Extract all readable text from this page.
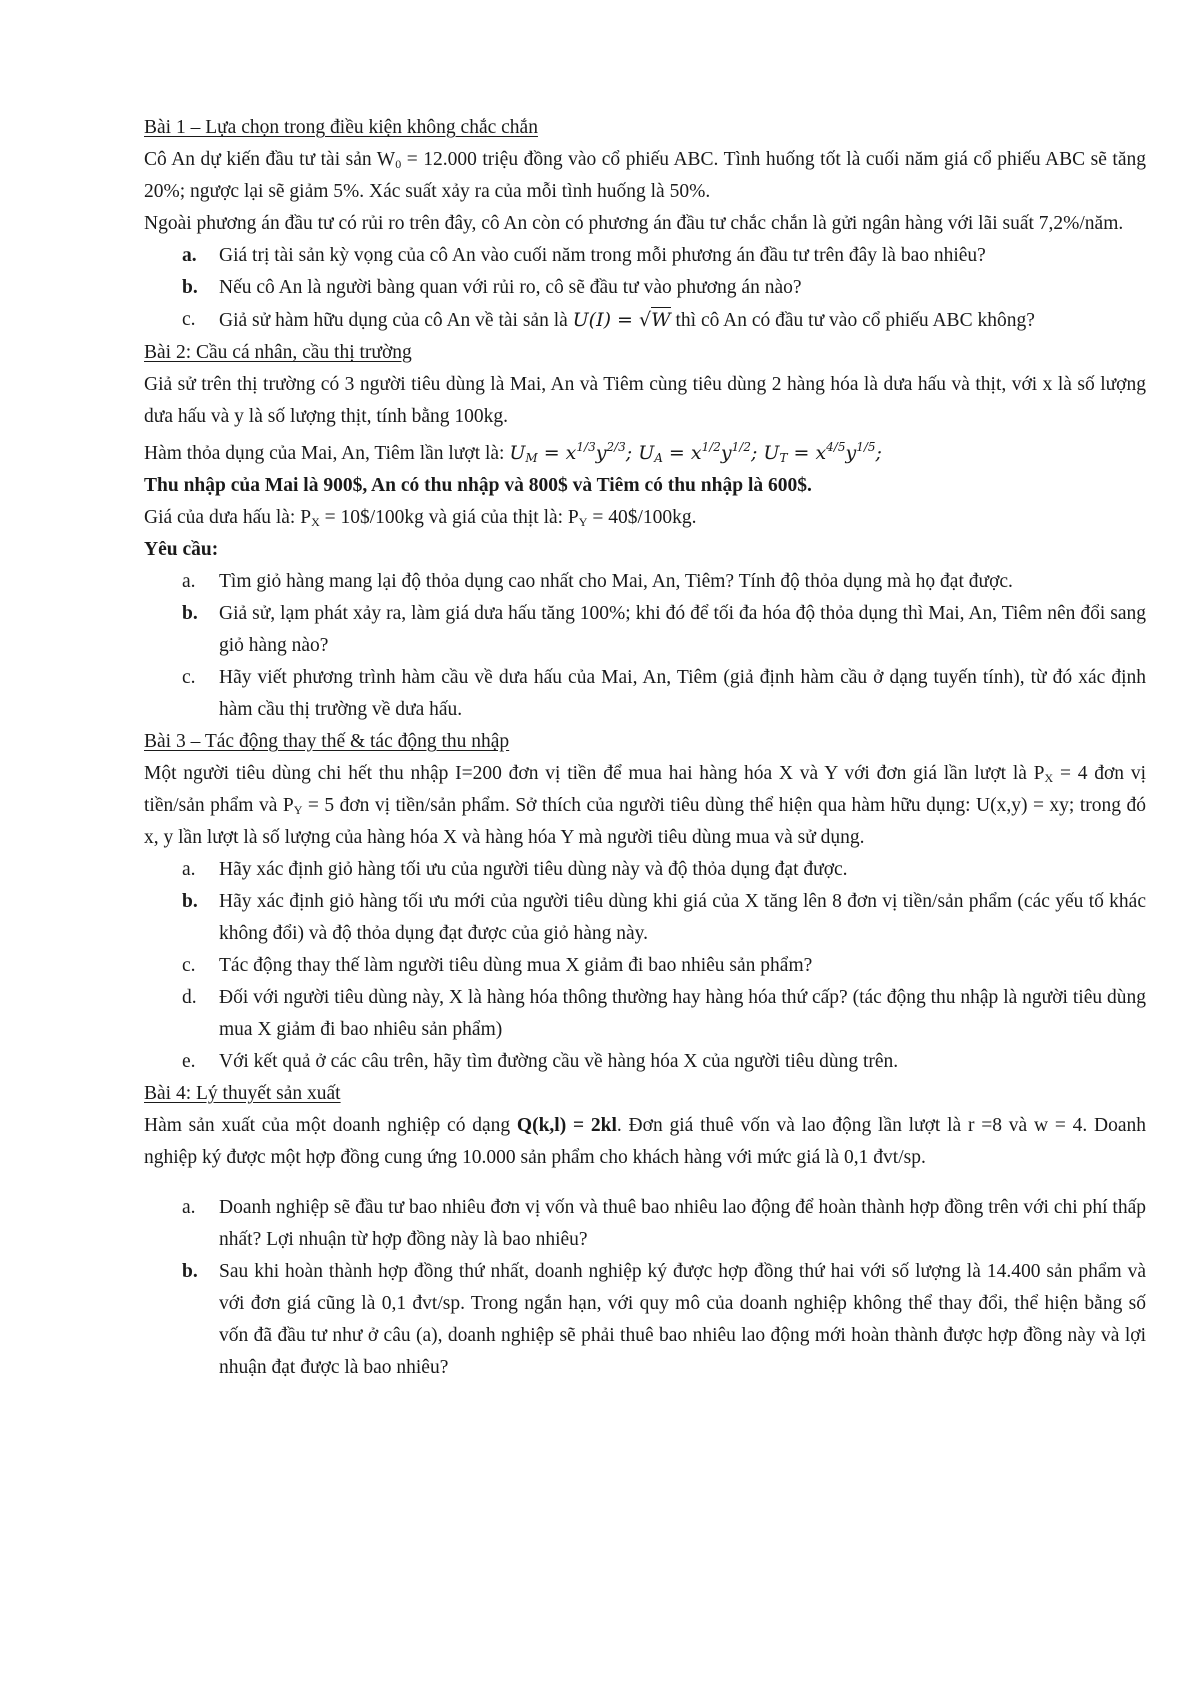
Bài 1 – Lựa chọn trong điều kiện không chắc chắn

Cô An dự kiến đầu tư tài sản $W_0 = 12.000$ triệu đồng vào cổ phiếu ABC. Tình huống tốt là cuối năm giá cổ phiếu ABC sẽ tăng 20%; ngược lại sẽ giảm 5%. Xác suất xảy ra của mỗi tình huống là 50%.

Ngoài phương án đầu tư có rủi ro trên đây, cô An còn có phương án đầu tư chắc chắn là gửi ngân hàng với lãi suất 7,2%/năm.

a. Giá trị tài sản kỳ vọng của cô An vào cuối năm trong mỗi phương án đầu tư trên đây là bao nhiêu?
b. Nếu cô An là người bàng quan với rủi ro, cô sẽ đầu tư vào phương án nào?
c. Giả sử hàm hữu dụng của cô An về tài sản là U(I) = √W thì cô An có đầu tư vào cổ phiếu ABC không?

Bài 2: Cầu cá nhân, cầu thị trường

Giả sử trên thị trường có 3 người tiêu dùng là Mai, An và Tiêm cùng tiêu dùng 2 hàng hóa là dưa hấu và thịt, với x là số lượng dưa hấu và y là số lượng thịt, tính bằng 100kg.

Hàm thỏa dụng của Mai, An, Tiêm lần lượt là: $U_M = x^{1/3}y^{2/3}$; $U_A = x^{1/2}y^{1/2}$; $U_T = x^{4/5}y^{1/5}$;

Thu nhập của Mai là 900$, An có thu nhập và 800$ và Tiêm có thu nhập là 600$.

Giá của dưa hấu là: $P_X$ = 10$/100kg và giá của thịt là: $P_Y$ = 40$/100kg.

Yêu cầu:

a. Tìm giỏ hàng mang lại độ thỏa dụng cao nhất cho Mai, An, Tiêm? Tính độ thỏa dụng mà họ đạt được.
b. Giả sử, lạm phát xảy ra, làm giá dưa hấu tăng 100%; khi đó để tối đa hóa độ thỏa dụng thì Mai, An, Tiêm nên đổi sang giỏ hàng nào?
c. Hãy viết phương trình hàm cầu về dưa hấu của Mai, An, Tiêm (giả định hàm cầu ở dạng tuyến tính), từ đó xác định hàm cầu thị trường về dưa hấu.

Bài 3 – Tác động thay thế & tác động thu nhập

Một người tiêu dùng chi hết thu nhập I=200 đơn vị tiền để mua hai hàng hóa X và Y với đơn giá lần lượt là $P_X = 4$ đơn vị tiền/sản phẩm và $P_Y = 5$ đơn vị tiền/sản phẩm. Sở thích của người tiêu dùng thể hiện qua hàm hữu dụng: U(x,y) = xy; trong đó x, y lần lượt là số lượng của hàng hóa X và hàng hóa Y mà người tiêu dùng mua và sử dụng.

a. Hãy xác định giỏ hàng tối ưu của người tiêu dùng này và độ thỏa dụng đạt được.
b. Hãy xác định giỏ hàng tối ưu mới của người tiêu dùng khi giá của X tăng lên 8 đơn vị tiền/sản phẩm (các yếu tố khác không đổi) và độ thỏa dụng đạt được của giỏ hàng này.
c. Tác động thay thế làm người tiêu dùng mua X giảm đi bao nhiêu sản phẩm?
d. Đối với người tiêu dùng này, X là hàng hóa thông thường hay hàng hóa thứ cấp? (tác động thu nhập là người tiêu dùng mua X giảm đi bao nhiêu sản phẩm)
e. Với kết quả ở các câu trên, hãy tìm đường cầu về hàng hóa X của người tiêu dùng trên.

Bài 4: Lý thuyết sản xuất

Hàm sản xuất của một doanh nghiệp có dạng Q(k,l) = 2kl. Đơn giá thuê vốn và lao động lần lượt là r =8 và w = 4. Doanh nghiệp ký được một hợp đồng cung ứng 10.000 sản phẩm cho khách hàng với mức giá là 0,1 đvt/sp.

a. Doanh nghiệp sẽ đầu tư bao nhiêu đơn vị vốn và thuê bao nhiêu lao động để hoàn thành hợp đồng trên với chi phí thấp nhất? Lợi nhuận từ hợp đồng này là bao nhiêu?
b. Sau khi hoàn thành hợp đồng thứ nhất, doanh nghiệp ký được hợp đồng thứ hai với số lượng là 14.400 sản phẩm và với đơn giá cũng là 0,1 đvt/sp. Trong ngắn hạn, với quy mô của doanh nghiệp không thể thay đổi, thể hiện bằng số vốn đã đầu tư như ở câu (a), doanh nghiệp sẽ phải thuê bao nhiêu lao động mới hoàn thành được hợp đồng này và lợi nhuận đạt được là bao nhiêu?
